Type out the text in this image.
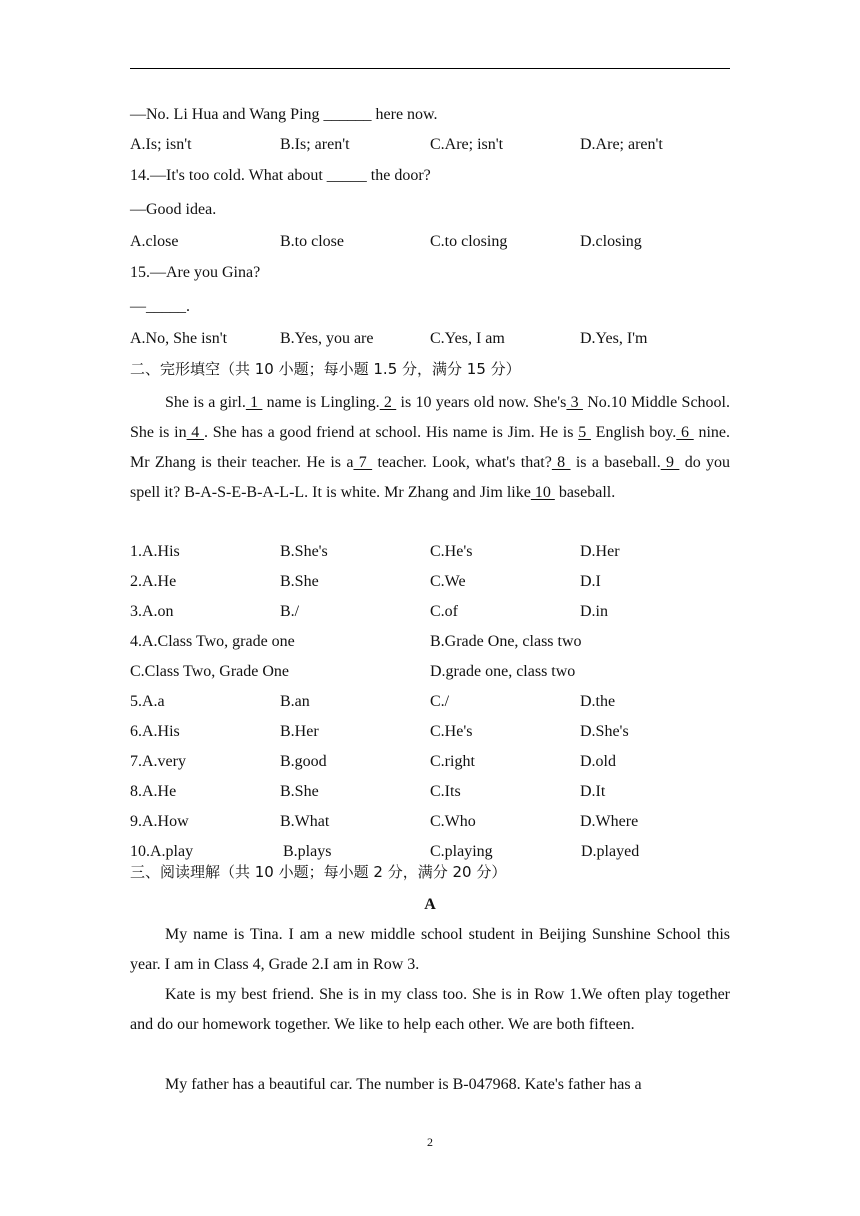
—No. Li Hua and Wang Ping ______ here now.
A.Is; isn't	B.Is; aren't	C.Are; isn't	D.Are; aren't
14.—It's too cold. What about _____ the door?
—Good idea.
A.close	B.to close	C.to closing	D.closing
15.—Are you Gina?
—_____.
A.No, She isn't	B.Yes, you are	C.Yes, I am	D.Yes, I'm
二、完形填空（共 10 小题；每小题 1.5 分，满分 15 分）
She is a girl. 1  name is Lingling. 2  is 10 years old now. She's 3  No.10 Middle School. She is in 4 . She has a good friend at school. His name is Jim. He is 5  English boy. 6  nine. Mr Zhang is their teacher. He is a 7  teacher. Look, what's that? 8  is a baseball. 9  do you spell it? B-A-S-E-B-A-L-L. It is white. Mr Zhang and Jim like 10  baseball.
1.A.His	B.She's	C.He's	D.Her
2.A.He	B.She	C.We	D.I
3.A.on	B./	C.of	D.in
4.A.Class Two, grade one	B.Grade One, class two
C.Class Two, Grade One	D.grade one, class two
5.A.a	B.an	C./	D.the
6.A.His	B.Her	C.He's	D.She's
7.A.very	B.good	C.right	D.old
8.A.He	B.She	C.Its	D.It
9.A.How	B.What	C.Who	D.Where
10.A.play	B.plays	C.playing	D.played
三、阅读理解（共 10 小题；每小题 2 分，满分 20 分）
A
My name is Tina. I am a new middle school student in Beijing Sunshine School this year. I am in Class 4, Grade 2.I am in Row 3.
Kate is my best friend. She is in my class too. She is in Row 1.We often play together and do our homework together. We like to help each other. We are both fifteen.
My father has a beautiful car. The number is B-047968. Kate's father has a
2
